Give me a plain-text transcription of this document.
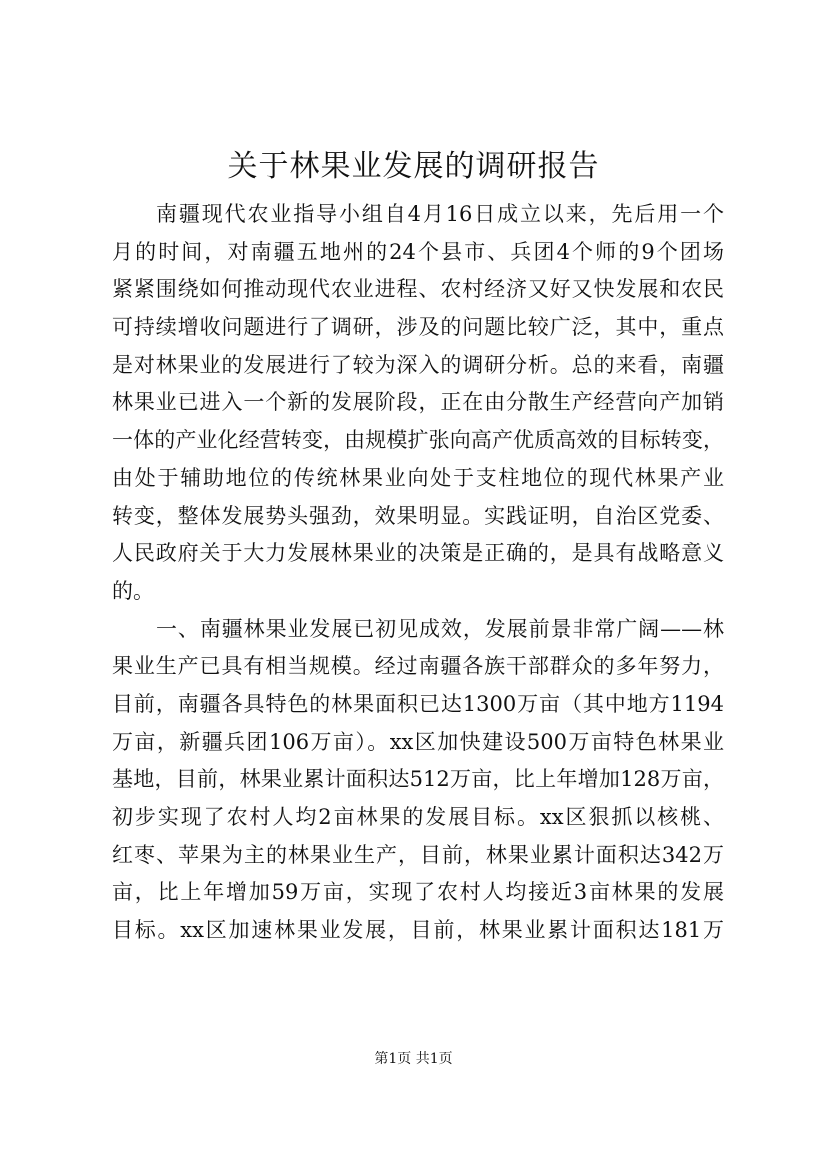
关于林果业发展的调研报告
南疆现代农业指导小组自4月16日成立以来，先后用一个
月的时间，对南疆五地州的24个县市、兵团4个师的9个团场
紧紧围绕如何推动现代农业进程、农村经济又好又快发展和农民
可持续增收问题进行了调研，涉及的问题比较广泛，其中，重点
是对林果业的发展进行了较为深入的调研分析。总的来看，南疆
林果业已进入一个新的发展阶段，正在由分散生产经营向产加销
一体的产业化经营转变，由规模扩张向高产优质高效的目标转变，
由处于辅助地位的传统林果业向处于支柱地位的现代林果产业
转变，整体发展势头强劲，效果明显。实践证明，自治区党委、
人民政府关于大力发展林果业的决策是正确的，是具有战略意义
的。
一、南疆林果业发展已初见成效，发展前景非常广阔——林
果业生产已具有相当规模。经过南疆各族干部群众的多年努力，
目前，南疆各具特色的林果面积已达1300万亩（其中地方1194
万亩，新疆兵团106万亩）。xx区加快建设500万亩特色林果业
基地，目前，林果业累计面积达512万亩，比上年增加128万亩，
初步实现了农村人均2亩林果的发展目标。xx区狠抓以核桃、
红枣、苹果为主的林果业生产，目前，林果业累计面积达342万
亩，比上年增加59万亩，实现了农村人均接近3亩林果的发展
目标。xx区加速林果业发展，目前，林果业累计面积达181万
第1页 共1页
